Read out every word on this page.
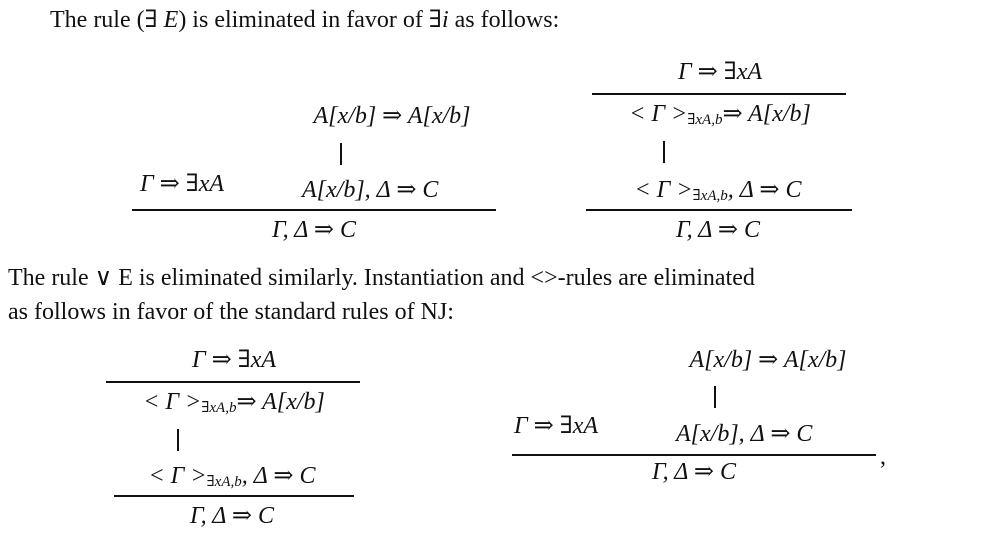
The rule (∃ E) is eliminated in favor of ∃i as follows:
A[x/b] ⇒ A[x/b]
Γ ⇒ ∃xA	A[x/b], Δ ⇒ C
Γ, Δ ⇒ C
Γ ⇒ ∃xA
< $\Gamma >_{\exists xA,b}\Rightarrow$ A[x/b]
< $\Gamma >_{\exists xA,b}$, Δ ⇒ C
Γ, Δ ⇒ C
The rule ∨ E is eliminated similarly. Instantiation and <>-rules are eliminated
as follows in favor of the standard rules of NJ:
Γ ⇒ ∃xA
< $\Gamma >_{\exists xA,b}\Rightarrow$ A[x/b]
< $\Gamma >_{\exists xA,b}$, Δ ⇒ C
Γ, Δ ⇒ C
A[x/b] ⇒ A[x/b]
Γ ⇒ ∃xA	A[x/b], Δ ⇒ C
Γ, Δ ⇒ C
,
